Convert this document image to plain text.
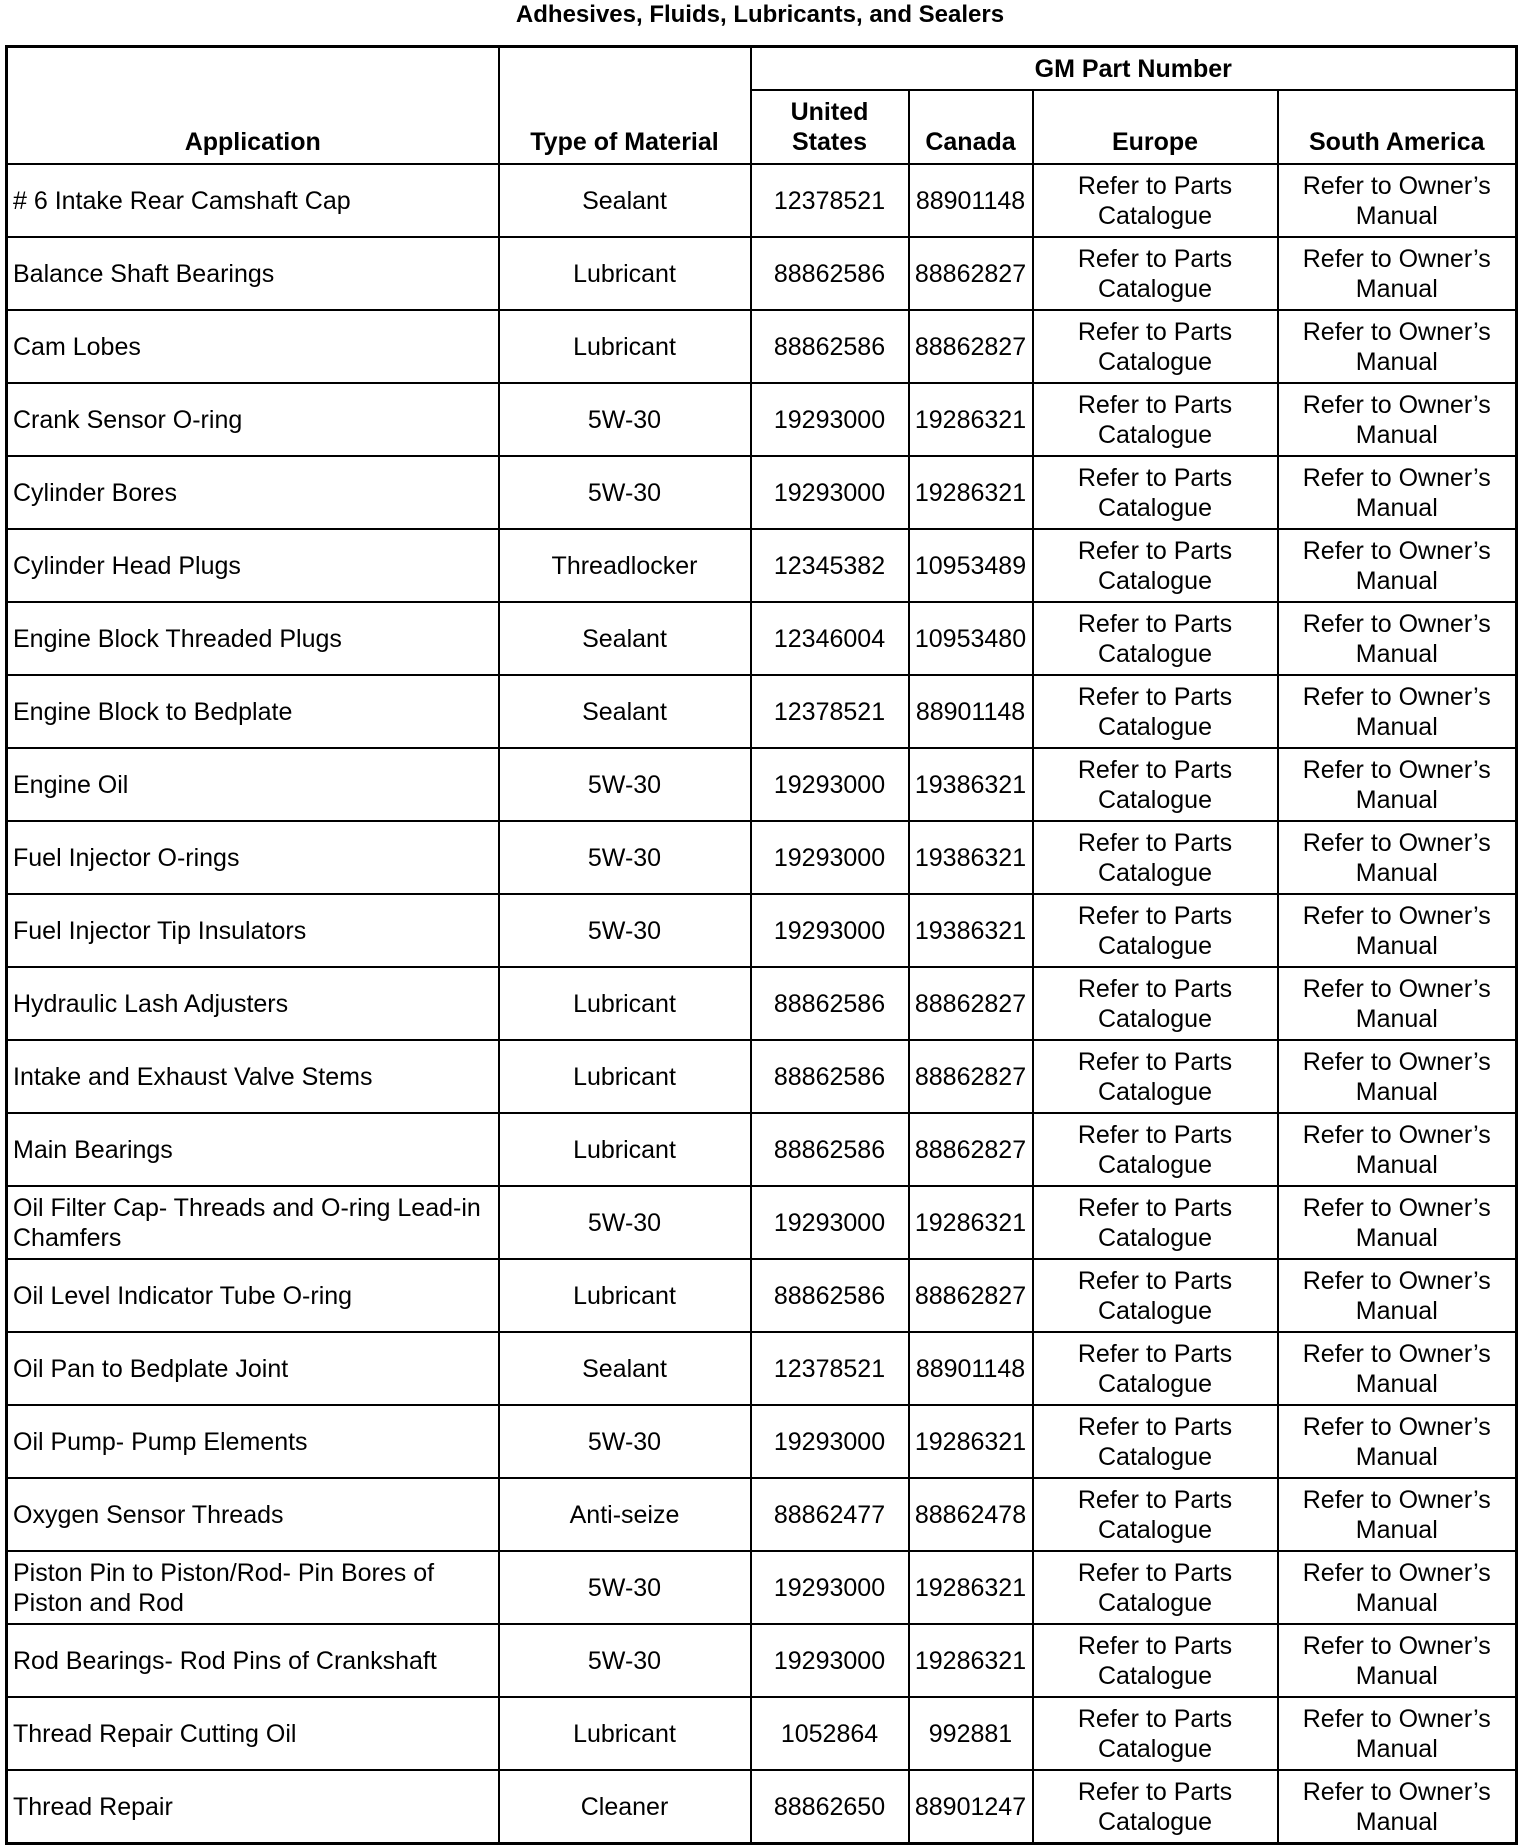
Adhesives, Fluids, Lubricants, and Sealers
Application	Type of Material	GM Part Number			
		United States	Canada	Europe	South America
# 6 Intake Rear Camshaft Cap	Sealant	12378521	88901148	Refer to Parts Catalogue	Refer to Owner’s Manual
Balance Shaft Bearings	Lubricant	88862586	88862827	Refer to Parts Catalogue	Refer to Owner’s Manual
Cam Lobes	Lubricant	88862586	88862827	Refer to Parts Catalogue	Refer to Owner’s Manual
Crank Sensor O-ring	5W-30	19293000	19286321	Refer to Parts Catalogue	Refer to Owner’s Manual
Cylinder Bores	5W-30	19293000	19286321	Refer to Parts Catalogue	Refer to Owner’s Manual
Cylinder Head Plugs	Threadlocker	12345382	10953489	Refer to Parts Catalogue	Refer to Owner’s Manual
Engine Block Threaded Plugs	Sealant	12346004	10953480	Refer to Parts Catalogue	Refer to Owner’s Manual
Engine Block to Bedplate	Sealant	12378521	88901148	Refer to Parts Catalogue	Refer to Owner’s Manual
Engine Oil	5W-30	19293000	19386321	Refer to Parts Catalogue	Refer to Owner’s Manual
Fuel Injector O-rings	5W-30	19293000	19386321	Refer to Parts Catalogue	Refer to Owner’s Manual
Fuel Injector Tip Insulators	5W-30	19293000	19386321	Refer to Parts Catalogue	Refer to Owner’s Manual
Hydraulic Lash Adjusters	Lubricant	88862586	88862827	Refer to Parts Catalogue	Refer to Owner’s Manual
Intake and Exhaust Valve Stems	Lubricant	88862586	88862827	Refer to Parts Catalogue	Refer to Owner’s Manual
Main Bearings	Lubricant	88862586	88862827	Refer to Parts Catalogue	Refer to Owner’s Manual
Oil Filter Cap- Threads and O-ring Lead-in Chamfers	5W-30	19293000	19286321	Refer to Parts Catalogue	Refer to Owner’s Manual
Oil Level Indicator Tube O-ring	Lubricant	88862586	88862827	Refer to Parts Catalogue	Refer to Owner’s Manual
Oil Pan to Bedplate Joint	Sealant	12378521	88901148	Refer to Parts Catalogue	Refer to Owner’s Manual
Oil Pump- Pump Elements	5W-30	19293000	19286321	Refer to Parts Catalogue	Refer to Owner’s Manual
Oxygen Sensor Threads	Anti-seize	88862477	88862478	Refer to Parts Catalogue	Refer to Owner’s Manual
Piston Pin to Piston/Rod- Pin Bores of Piston and Rod	5W-30	19293000	19286321	Refer to Parts Catalogue	Refer to Owner’s Manual
Rod Bearings- Rod Pins of Crankshaft	5W-30	19293000	19286321	Refer to Parts Catalogue	Refer to Owner’s Manual
Thread Repair Cutting Oil	Lubricant	1052864	992881	Refer to Parts Catalogue	Refer to Owner’s Manual
Thread Repair	Cleaner	88862650	88901247	Refer to Parts Catalogue	Refer to Owner’s Manual
